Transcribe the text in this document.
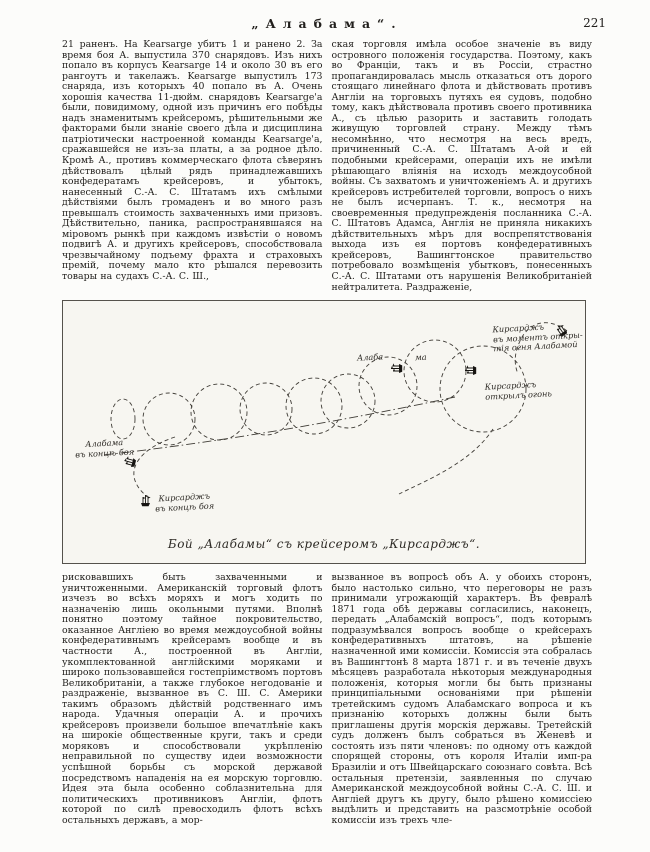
„Алабама“.	221
21 раненъ. На Kearsarge убитъ 1 и ранено 2. За время боя А. выпустила 370 снарядовъ. Изъ нихъ попало въ корпусъ Kearsarge 14 и около 30 въ его рангоутъ и такелажъ. Kearsarge выпустилъ 173 снаряда, изъ которыхъ 40 попало въ А. Очень хорошія качества 11-дюйм. снарядовъ Kearsarge'а были, повидимому, одной изъ причинъ его побѣды надъ знаменитымъ крейсеромъ, рѣшительными же факторами были знаніе своего дѣла и дисциплина патріотически настроенной команды Kearsarge'а, сражавшейся не изъ-за платы, а за родное дѣло. Кромѣ А., противъ коммерческаго флота сѣверянъ дѣйствовалъ цѣлый рядъ принадлежавшихъ конфедератамъ крейсеровъ, и убытокъ, нанесенный С.-А. С. Штатамъ ихъ смѣлыми дѣйствіями былъ громаденъ и во много разъ превышалъ стоимость захваченныхъ ими призовъ. Дѣйствительно, паника, распространявшаяся на міровомъ рынкѣ при каждомъ извѣстіи о новомъ подвигѣ А. и другихъ крейсеровъ, способствовала чрезвычайному подъему фрахта и страховыхъ премій, почему мало кто рѣшался перевозить товары на судахъ С.-А. С. Ш.,
ская торговля имѣла особое значеніе въ виду островного положенія государства. Поэтому, какъ во Франціи, такъ и въ Россіи, страстно пропагандировалась мысль отказаться отъ дорого стоящаго линейнаго флота и дѣйствовать противъ Англіи на торговыхъ путяхъ ея судовъ, подобно тому, какъ дѣйствовала противъ своего противника А., съ цѣлью разорить и заставить голодать живущую торговлей страну. Между тѣмъ несомнѣнно, что несмотря на весь вредъ, причиненный С.-А. С. Штатамъ А-ой и ей подобными крейсерами, операціи ихъ не имѣли рѣшающаго вліянія на исходъ междоусобной войны. Съ захватомъ и уничтоженіемъ А. и другихъ крейсеровъ истребителей торговли, вопросъ о нихъ не былъ исчерпанъ. Т. к., несмотря на своевременныя предупрежденія посланника С.-А. С. Штатовъ Адамса, Англія не приняла никакихъ дѣйствительныхъ мѣръ для воспрепятствованія выхода изъ ея портовъ конфедеративныхъ крейсеровъ, Вашингтонское правительство потребовало возмѣщенія убытковъ, понесенныхъ С.-А. С. Штатами отъ нарушенія Великобританіей нейтралитета. Раздраженіе,
Алабама
въ концѣ боя
Кирсарджъ
въ концѣ боя
Алаба	ма
Кирсарджъ
открылъ огонь
Кирсарджъ
въ моментъ откры-
тія огня Алабамой
Бой „Алабамы“ съ крейсеромъ „Кирсарджъ“.
рисковавшихъ быть захваченными и уничтоженными. Американскій торговый флотъ изчезъ во всѣхъ моряхъ и могъ ходить по назначенію лишь окольными путями. Вполнѣ понятно поэтому тайное покровительство, оказанное Англіею во время междоусобной войны конфедеративнымъ крейсерамъ вообще и въ частности А., построенной въ Англіи, укомплектованной англійскими моряками и широко пользовавшейся гостепріимствомъ портовъ Великобританіи, а также глубокое негодованіе и раздраженіе, вызванное въ С. Ш. С. Америки такимъ образомъ дѣйствій родственнаго имъ народа. Удачныя операціи А. и прочихъ крейсеровъ произвели большое впечатлѣніе какъ на широкіе общественные круги, такъ и среди моряковъ и способствовали укрѣпленію неправильной по существу идеи возможности успѣшной борьбы съ морской державой посредствомъ нападенія на ея морскую торговлю. Идея эта была особенно соблазнительна для политическихъ противниковъ Англіи, флотъ которой по силѣ превосходилъ флотъ всѣхъ остальныхъ державъ, а мор-
вызванное въ вопросѣ объ А. у обоихъ сторонъ, было настолько сильно, что переговоры не разъ принимали угрожающій характеръ. Въ февралѣ 1871 года обѣ державы согласились, наконецъ, передать „Алабамскій вопросъ“, подъ которымъ подразумѣвался вопросъ вообще о крейсерахъ конфедеративныхъ штатовъ, на рѣшеніе назначенной ими комиссіи. Комиссія эта собралась въ Вашингтонѣ 8 марта 1871 г. и въ теченіе двухъ мѣсяцевъ разработала нѣкоторыя международныя положенія, которыя могли бы быть признаны принципіальными основаніями при рѣшеніи третейскимъ судомъ Алабамскаго вопроса и къ признанію которыхъ должны были быть приглашены другія морскія державы. Третейскій судъ долженъ былъ собраться въ Женевѣ и состоять изъ пяти членовъ: по одному отъ каждой спорящей стороны, отъ короля Италіи имп-ра Бразиліи и отъ Швейцарскаго союзнаго совѣта. Всѣ остальныя претензіи, заявленныя по случаю Американской междоусобной войны С.-А. С. Ш. и Англіей другъ къ другу, было рѣшено комиссіею выдѣлить и представить на разсмотрѣніе особой комиссіи изъ трехъ чле-
